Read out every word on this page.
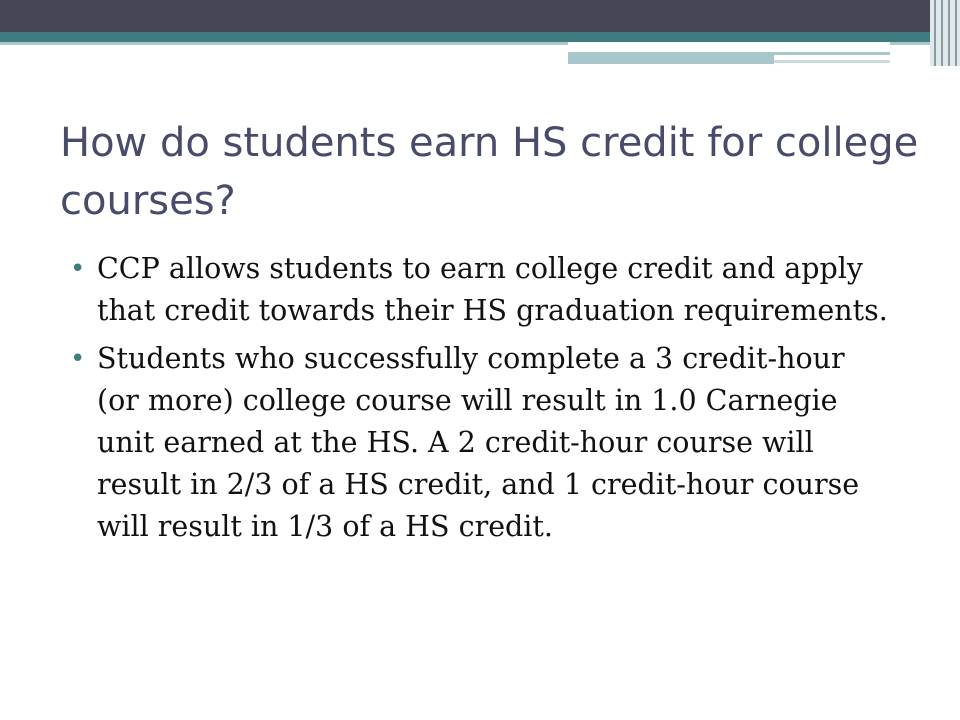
How do students earn HS credit for college courses?
• CCP allows students to earn college credit and apply that credit towards their HS graduation requirements.
• Students who successfully complete a 3 credit-hour (or more) college course will result in 1.0 Carnegie unit earned at the HS. A 2 credit-hour course will result in 2/3 of a HS credit, and 1 credit-hour course will result in 1/3 of a HS credit.
